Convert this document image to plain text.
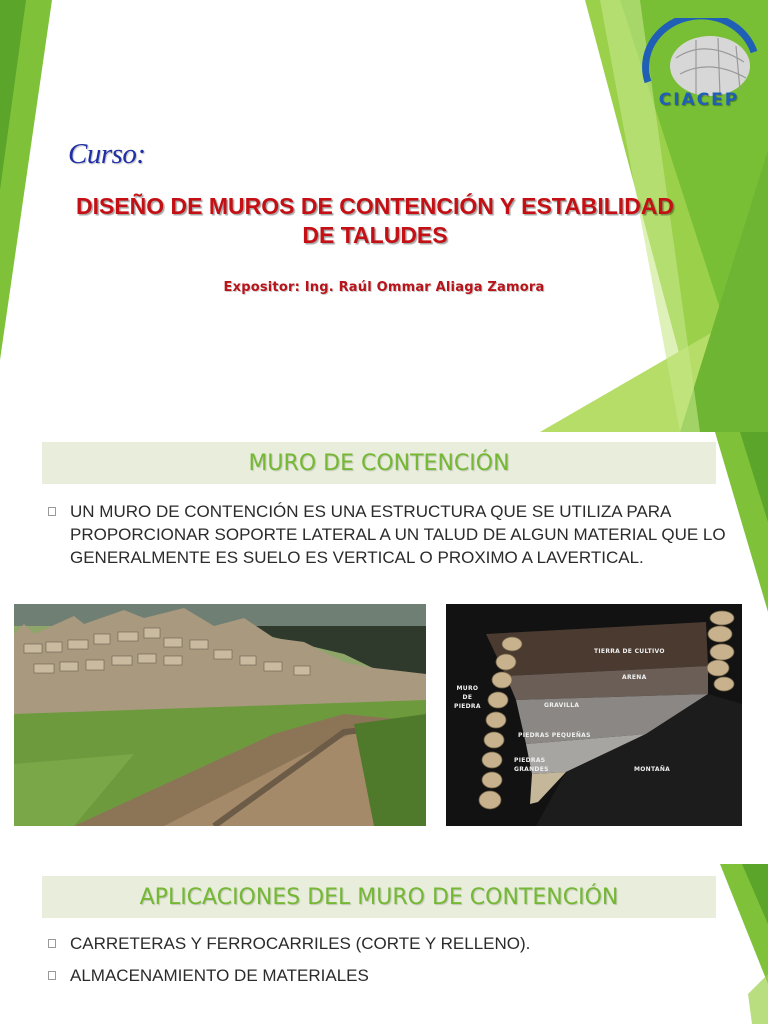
CIACEP
Curso:
DISEÑO DE MUROS DE CONTENCIÓN Y ESTABILIDAD
DE TALUDES
Expositor: Ing. Raúl Ommar Aliaga Zamora
MURO DE CONTENCIÓN
UN MURO DE CONTENCIÓN ES UNA ESTRUCTURA QUE SE UTILIZA PARA PROPORCIONAR SOPORTE LATERAL A UN TALUD DE ALGUN MATERIAL QUE LO GENERALMENTE ES SUELO ES VERTICAL O PROXIMO A LAVERTICAL.
TIERRA DE CULTIVO
ARENA
MURO
DE
PIEDRA	GRAVILLA
PIEDRAS PEQUEÑAS
PIEDRAS
GRANDES	MONTAÑA
APLICACIONES DEL MURO DE CONTENCIÓN
CARRETERAS Y FERROCARRILES (CORTE Y RELLENO).
ALMACENAMIENTO DE MATERIALES
